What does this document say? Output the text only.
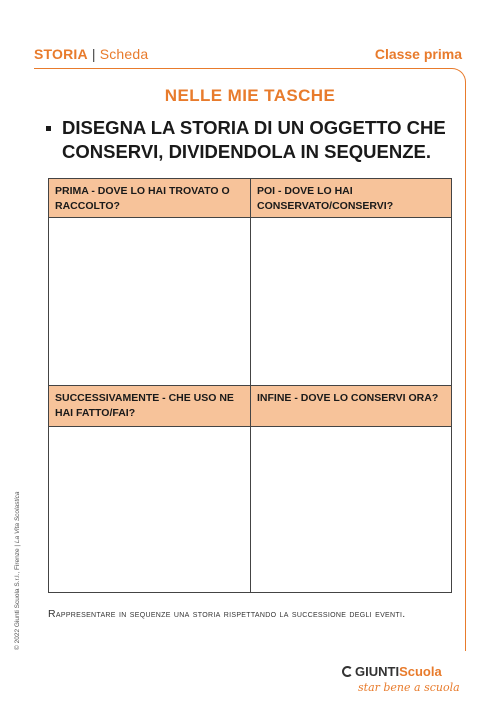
STORIA | Scheda	Classe prima
NELLE MIE TASCHE
DISEGNA LA STORIA DI UN OGGETTO CHE CONSERVI, DIVIDENDOLA IN SEQUENZE.
PRIMA - DOVE LO HAI TROVATO O RACCOLTO?
POI - DOVE LO HAI CONSERVATO/CONSERVI?
SUCCESSIVAMENTE - CHE USO NE HAI FATTO/FAI?
INFINE - DOVE LO CONSERVI ORA?
Rappresentare in sequenze una storia rispettando la successione degli eventi.
© 2022 Giunti Scuola S.r.l., Firenze | La Vita Scolastica
GIUNTIScuola
star bene a scuola
